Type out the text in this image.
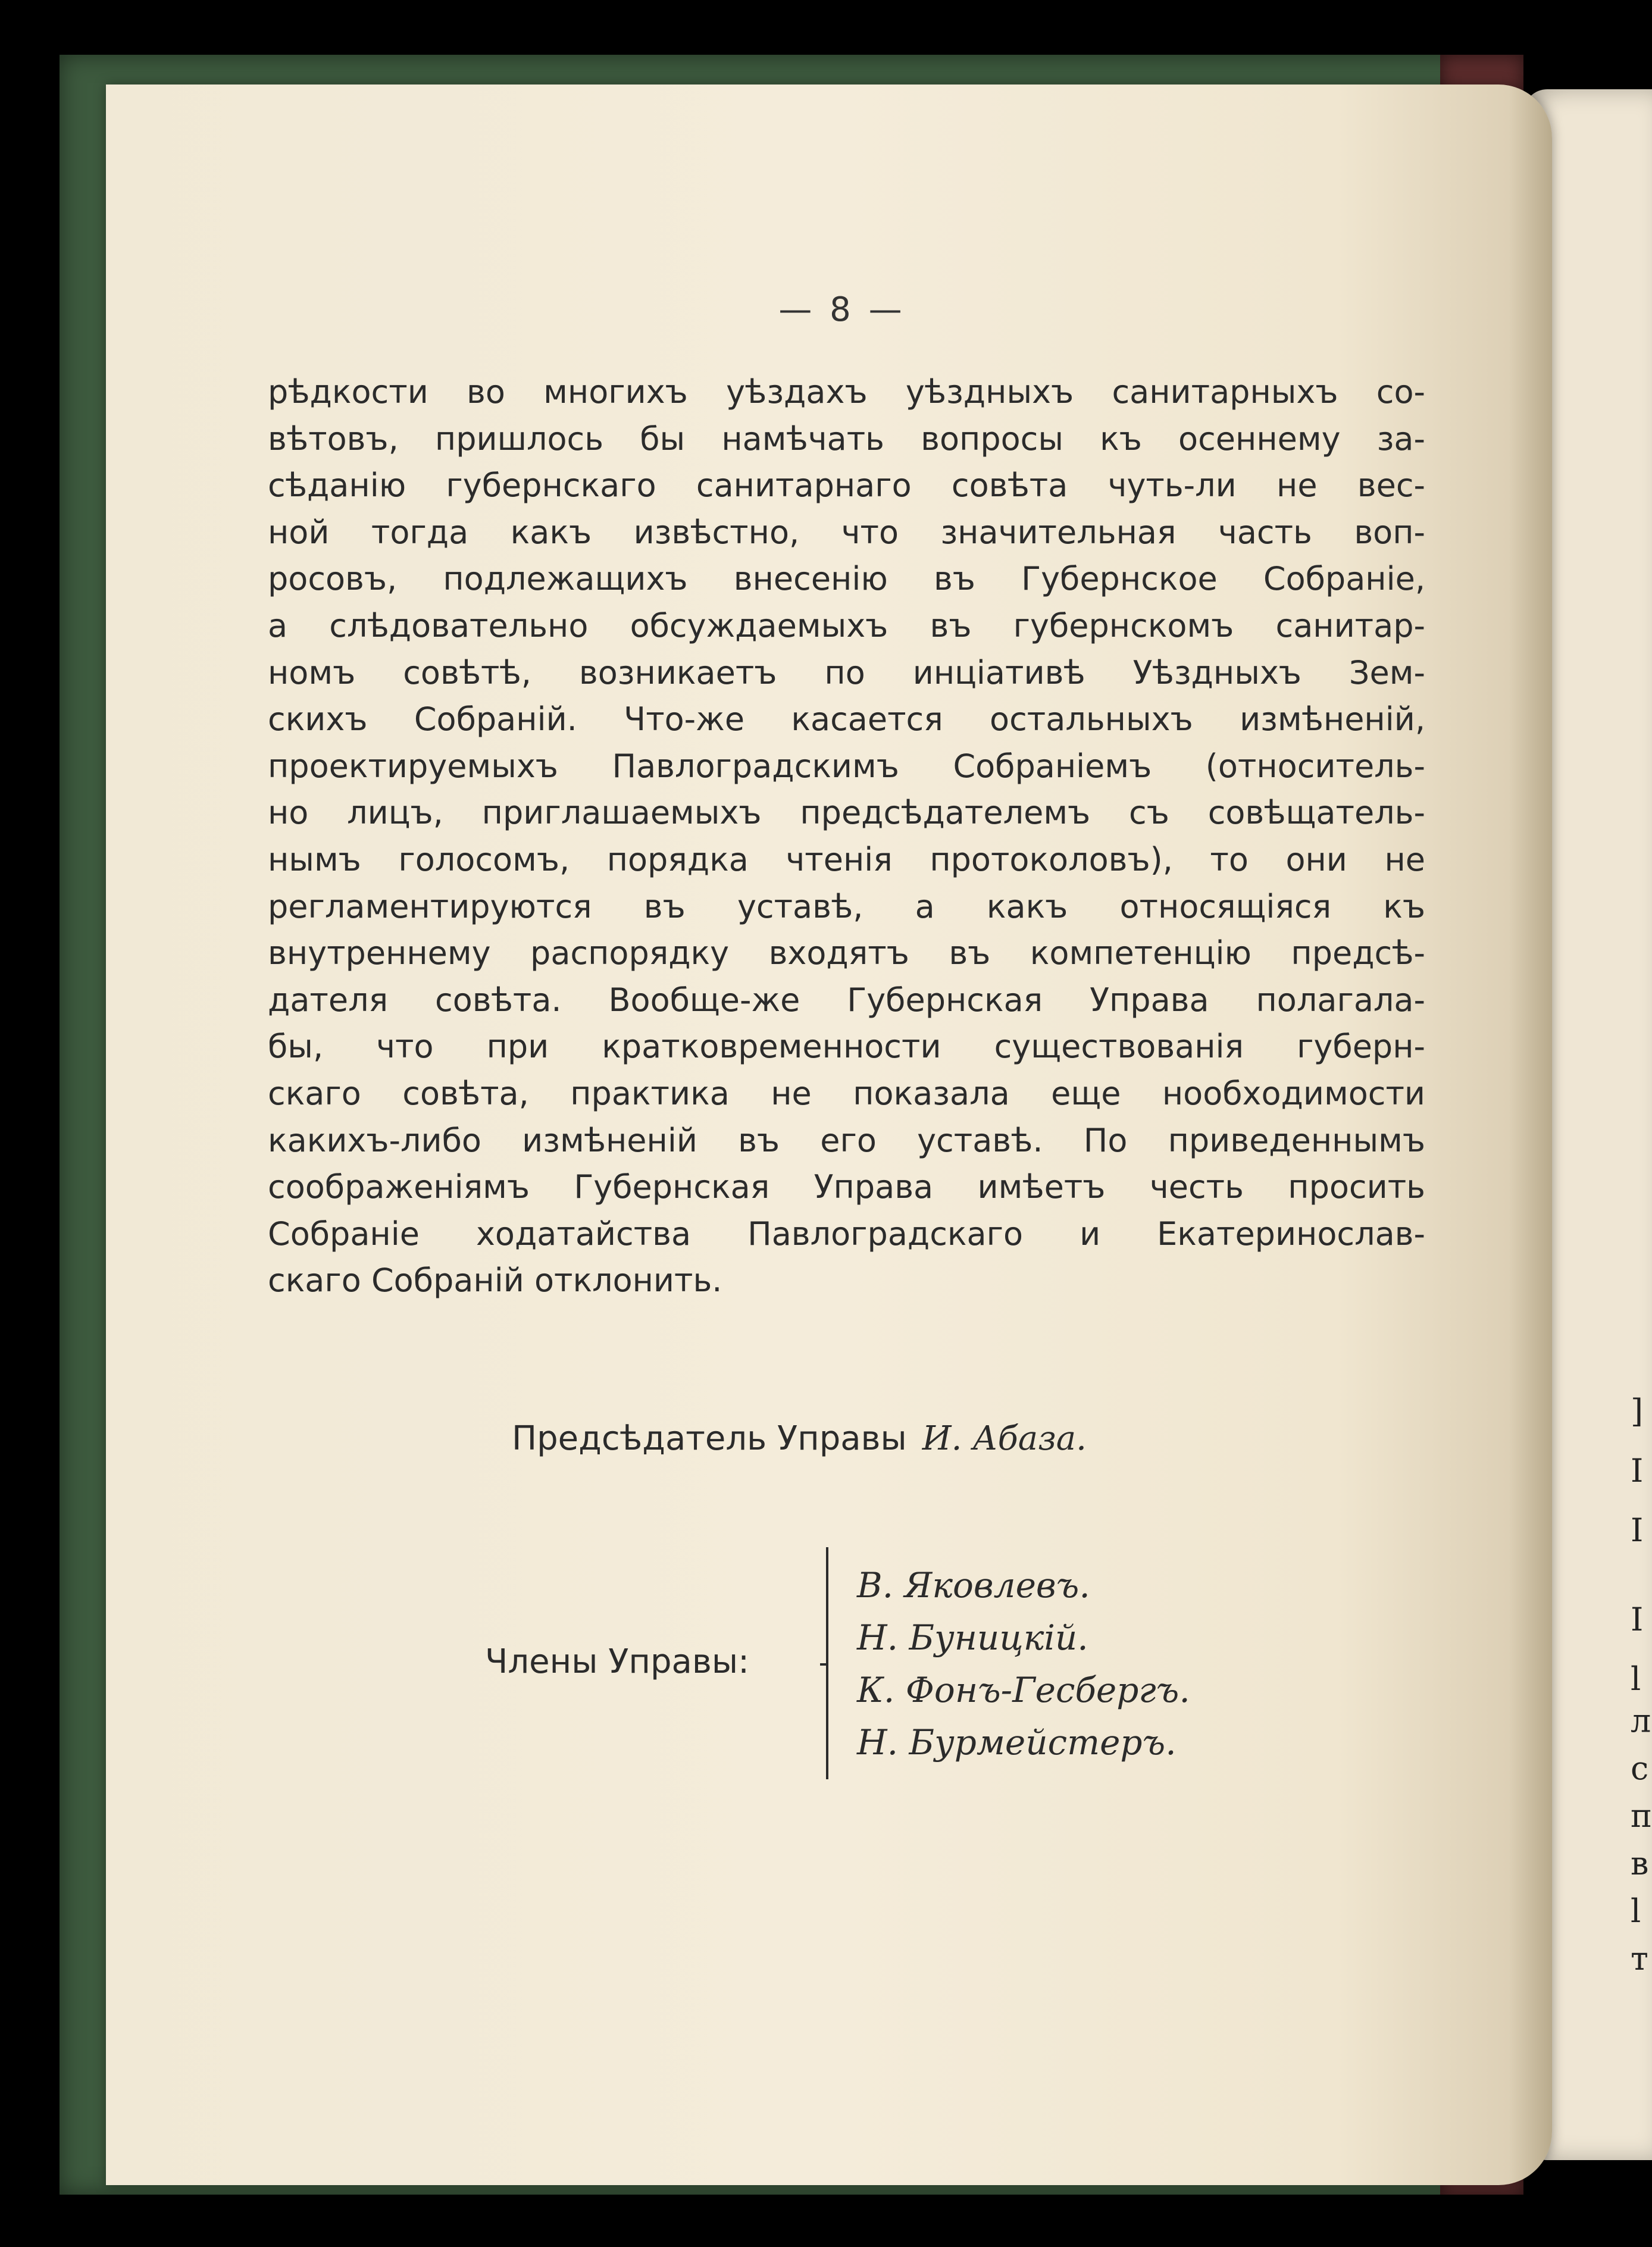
]
I
I
I
l
л
c
п
в
l
т
— 8 —
рѣдкости во многихъ уѣздахъ уѣздныхъ санитарныхъ со-
вѣтовъ, пришлось бы намѣчать вопросы къ осеннему за-
сѣданію губернскаго санитарнаго совѣта чуть-ли не вес-
ной тогда какъ извѣстно, что значительная часть воп-
росовъ, подлежащихъ внесенію въ Губернское Собраніе,
а слѣдовательно обсуждаемыхъ въ губернскомъ санитар-
номъ совѣтѣ, возникаетъ по инціативѣ Уѣздныхъ Зем-
скихъ Собраній. Что-же касается остальныхъ измѣненій,
проектируемыхъ Павлоградскимъ Собраніемъ (относитель-
но лицъ, приглашаемыхъ предсѣдателемъ съ совѣщатель-
нымъ голосомъ, порядка чтенія протоколовъ), то они не
регламентируются въ уставѣ, а какъ относящіяся къ
внутреннему распорядку входятъ въ компетенцію предсѣ-
дателя совѣта. Вообще-же Губернская Управа полагала-
бы, что при кратковременности существованія губерн-
скаго совѣта, практика не показала еще нообходимости
какихъ-либо измѣненій въ его уставѣ. По приведеннымъ
соображеніямъ Губернская Управа имѣетъ честь просить
Собраніе ходатайства Павлоградскаго и Екатеринослав-
скаго Собраній отклонить.
Предсѣдатель Управы И. Абаза.
Члены Управы:
В. Яковлевъ.
Н. Буницкій.
К. Фонъ-Гесбергъ.
Н. Бурмейстеръ.
